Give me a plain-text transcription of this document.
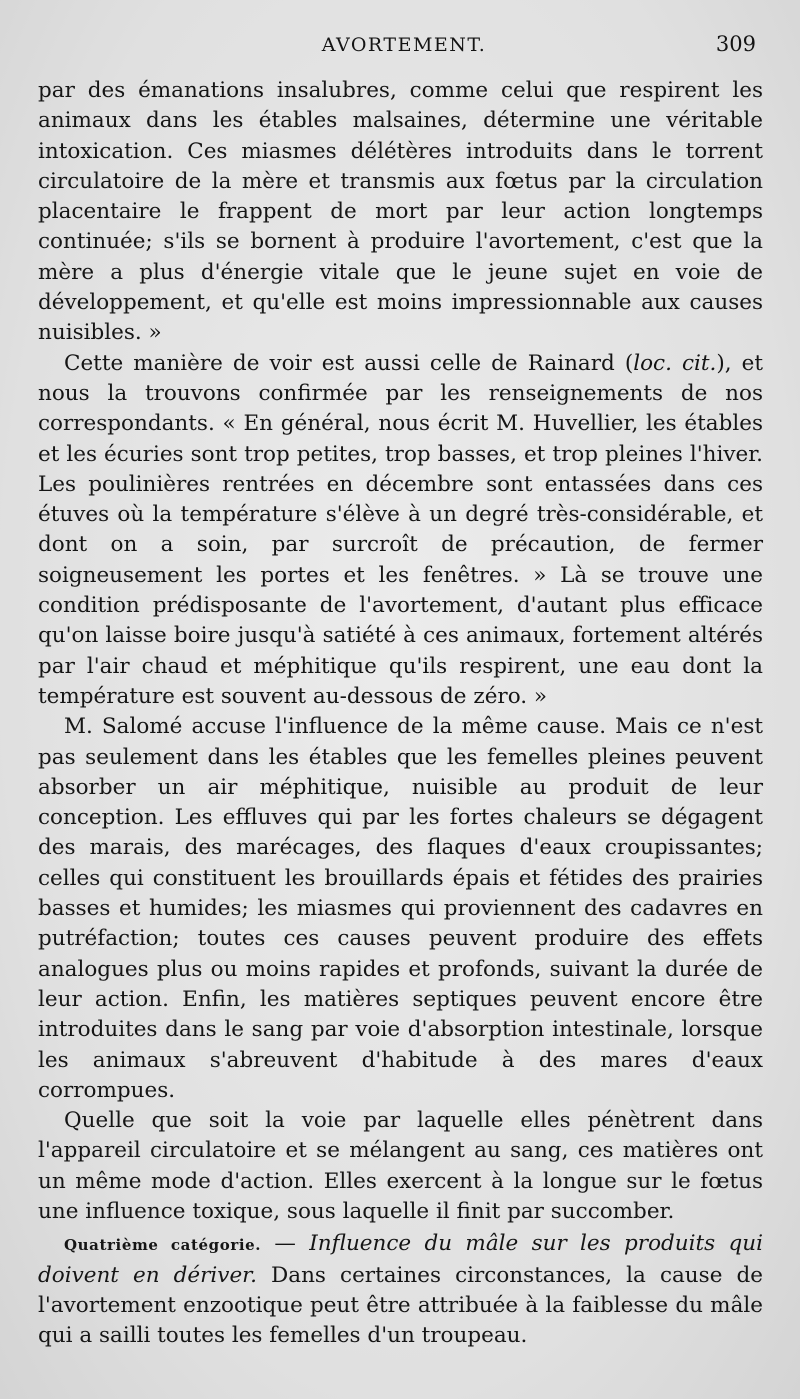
AVORTEMENT.	309

par des émanations insalubres, comme celui que respirent les animaux dans les étables malsaines, détermine une véritable intoxication. Ces miasmes délétères introduits dans le torrent circulatoire de la mère et transmis aux fœtus par la circulation placentaire le frappent de mort par leur action longtemps continuée; s'ils se bornent à produire l'avortement, c'est que la mère a plus d'énergie vitale que le jeune sujet en voie de développement, et qu'elle est moins impressionnable aux causes nuisibles. »

Cette manière de voir est aussi celle de Rainard (loc. cit.), et nous la trouvons confirmée par les renseignements de nos correspondants. « En général, nous écrit M. Huvellier, les étables et les écuries sont trop petites, trop basses, et trop pleines l'hiver. Les poulinières rentrées en décembre sont entassées dans ces étuves où la température s'élève à un degré très-considérable, et dont on a soin, par surcroît de précaution, de fermer soigneusement les portes et les fenêtres. » Là se trouve une condition prédisposante de l'avortement, d'autant plus efficace qu'on laisse boire jusqu'à satiété à ces animaux, fortement altérés par l'air chaud et méphitique qu'ils respirent, une eau dont la température est souvent au-dessous de zéro. »

M. Salomé accuse l'influence de la même cause. Mais ce n'est pas seulement dans les étables que les femelles pleines peuvent absorber un air méphitique, nuisible au produit de leur conception. Les effluves qui par les fortes chaleurs se dégagent des marais, des marécages, des flaques d'eaux croupissantes; celles qui constituent les brouillards épais et fétides des prairies basses et humides; les miasmes qui proviennent des cadavres en putréfaction; toutes ces causes peuvent produire des effets analogues plus ou moins rapides et profonds, suivant la durée de leur action. Enfin, les matières septiques peuvent encore être introduites dans le sang par voie d'absorption intestinale, lorsque les animaux s'abreuvent d'habitude à des mares d'eaux corrompues.

Quelle que soit la voie par laquelle elles pénètrent dans l'appareil circulatoire et se mélangent au sang, ces matières ont un même mode d'action. Elles exercent à la longue sur le fœtus une influence toxique, sous laquelle il finit par succomber.

Quatrième catégorie. — Influence du mâle sur les produits qui doivent en dériver. Dans certaines circonstances, la cause de l'avortement enzootique peut être attribuée à la faiblesse du mâle qui a sailli toutes les femelles d'un troupeau.
